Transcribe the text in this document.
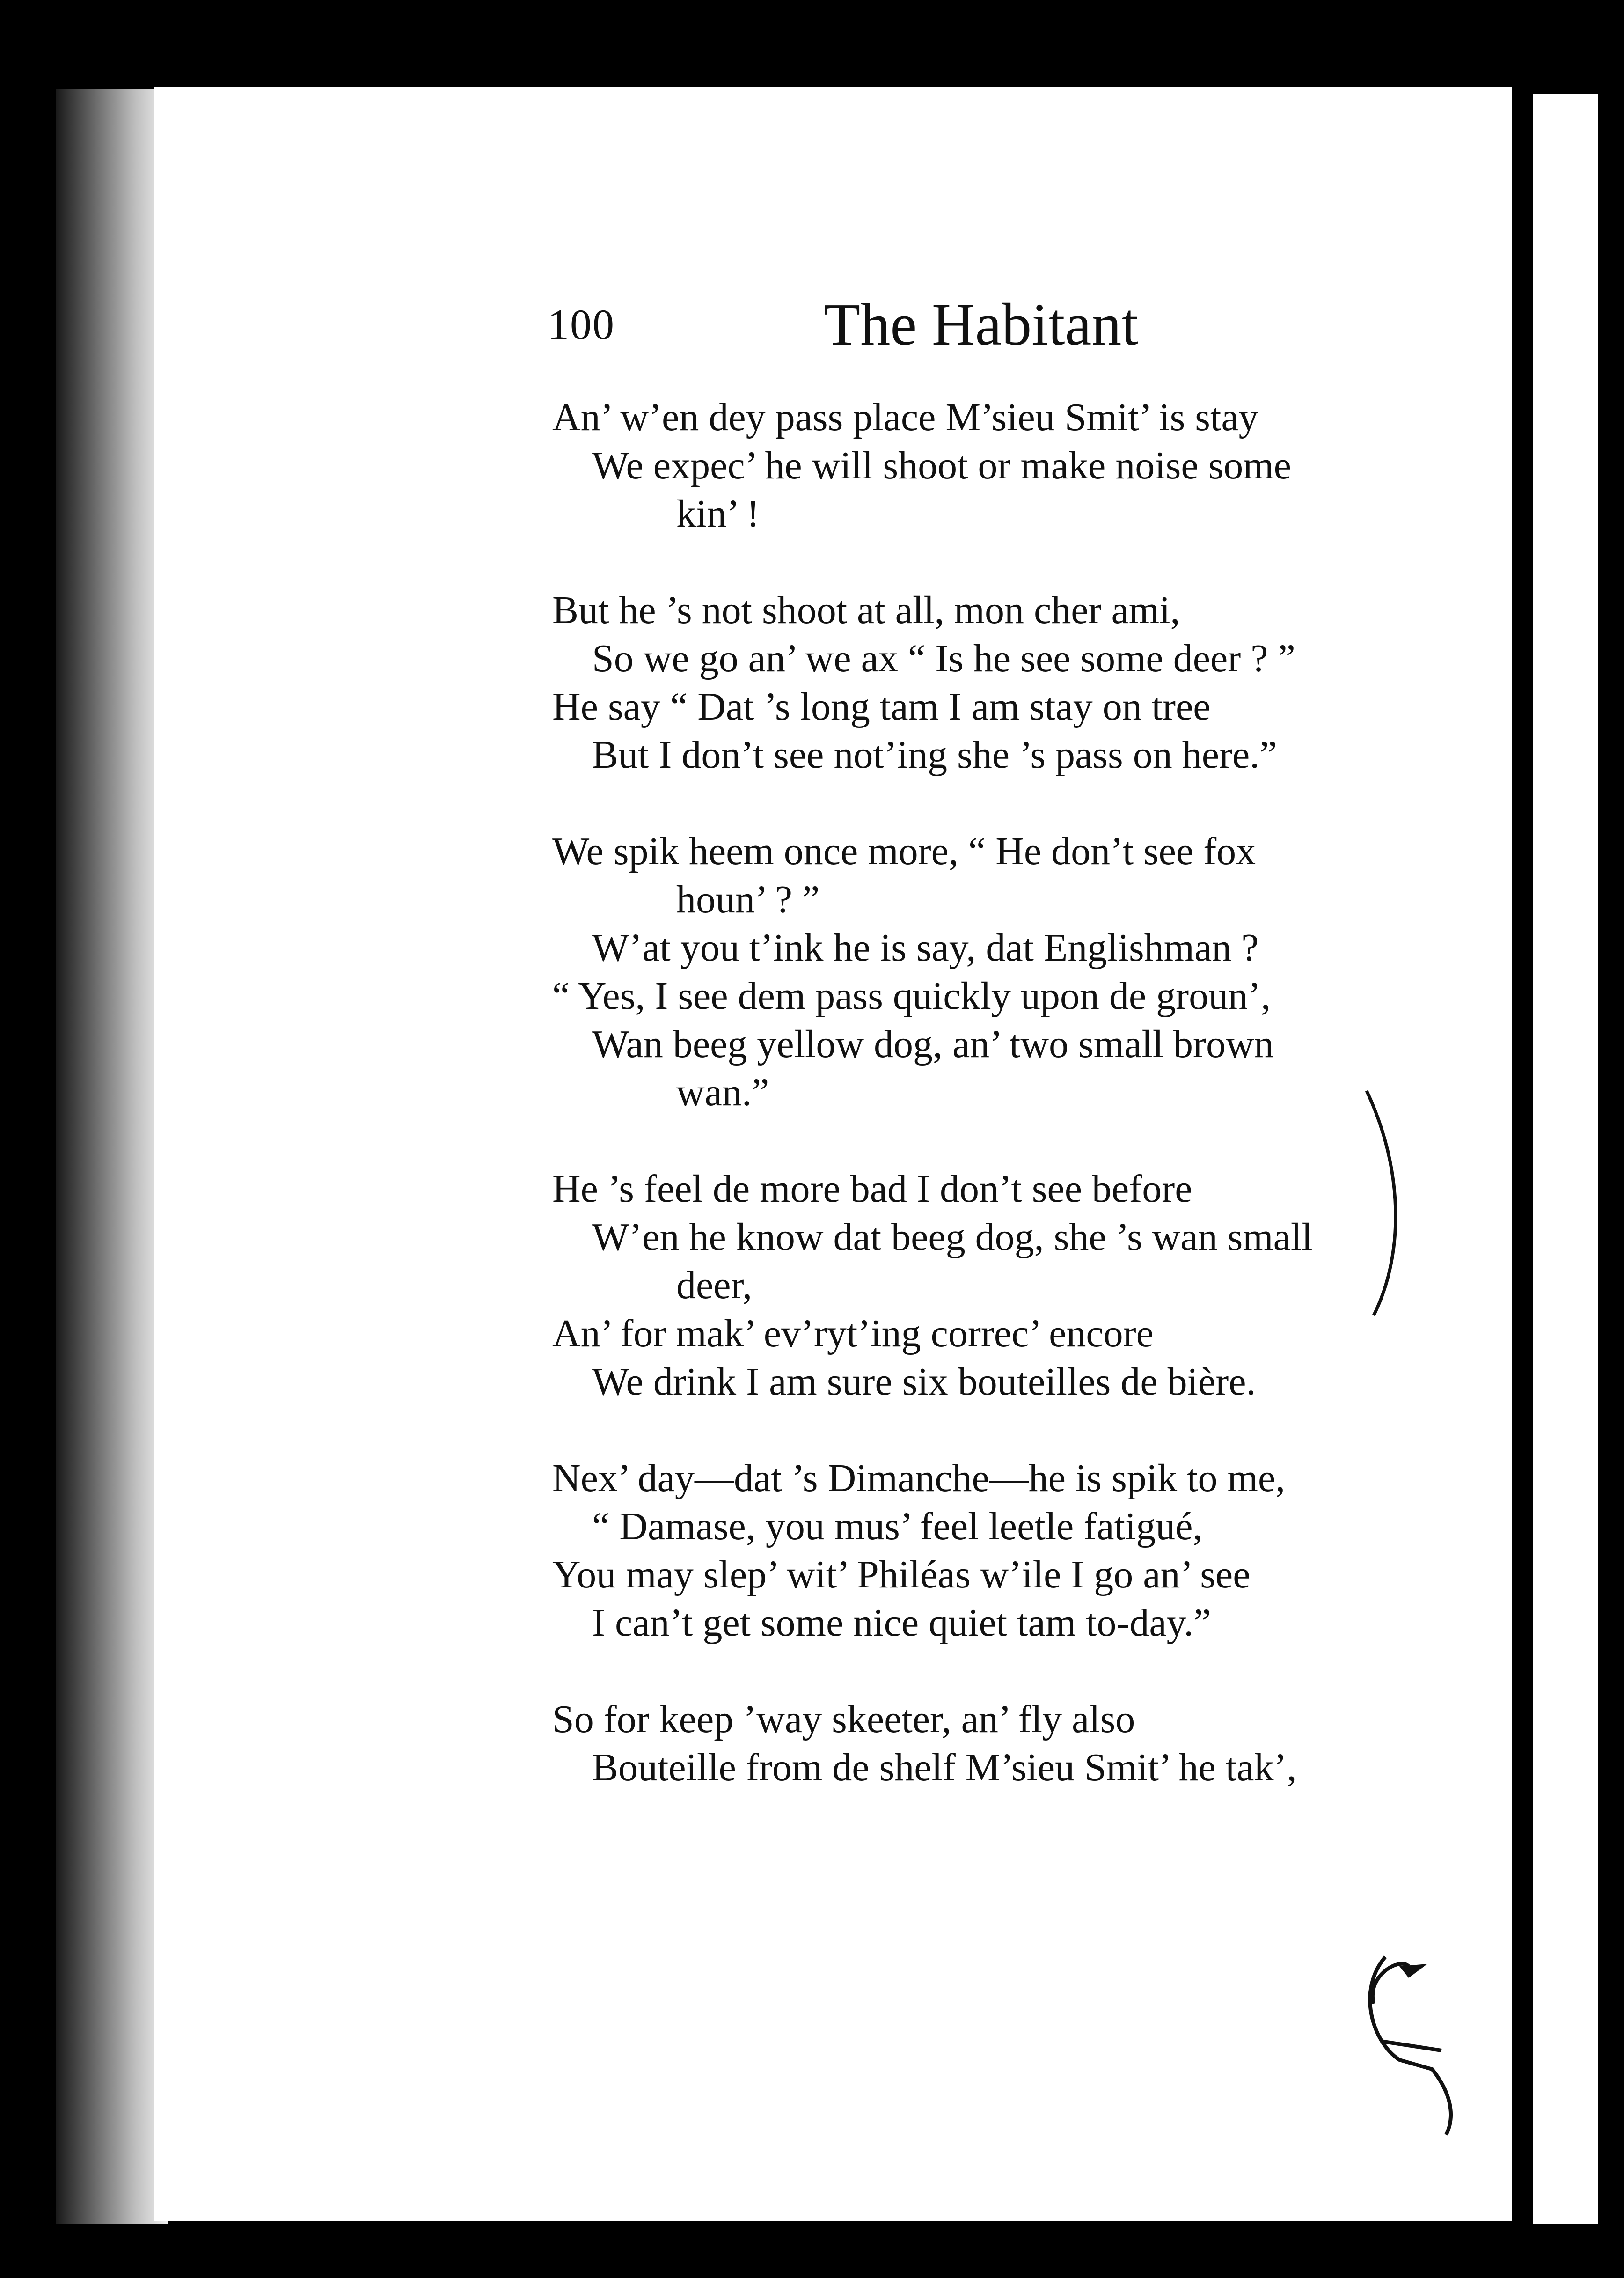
100	The Habitant
An’ w’en dey pass place M’sieu Smit’ is stay
We expec’ he will shoot or make noise some
kin’ !
But he ’s not shoot at all, mon cher ami,
So we go an’ we ax “ Is he see some deer ? ”
He say “ Dat ’s long tam I am stay on tree
But I don’t see not’ing she ’s pass on here.”
We spik heem once more, “ He don’t see fox
houn’ ? ”
W’at you t’ink he is say, dat Englishman ?
“ Yes, I see dem pass quickly upon de groun’,
Wan beeg yellow dog, an’ two small brown
wan.”
He ’s feel de more bad I don’t see before
W’en he know dat beeg dog, she ’s wan small
deer,
An’ for mak’ ev’ryt’ing correc’ encore
We drink I am sure six bouteilles de bière.
Nex’ day—dat ’s Dimanche—he is spik to me,
“ Damase, you mus’ feel leetle fatigué,
You may slep’ wit’ Philéas w’ile I go an’ see
I can’t get some nice quiet tam to-day.”
So for keep ’way skeeter, an’ fly also
Bouteille from de shelf M’sieu Smit’ he tak’,
